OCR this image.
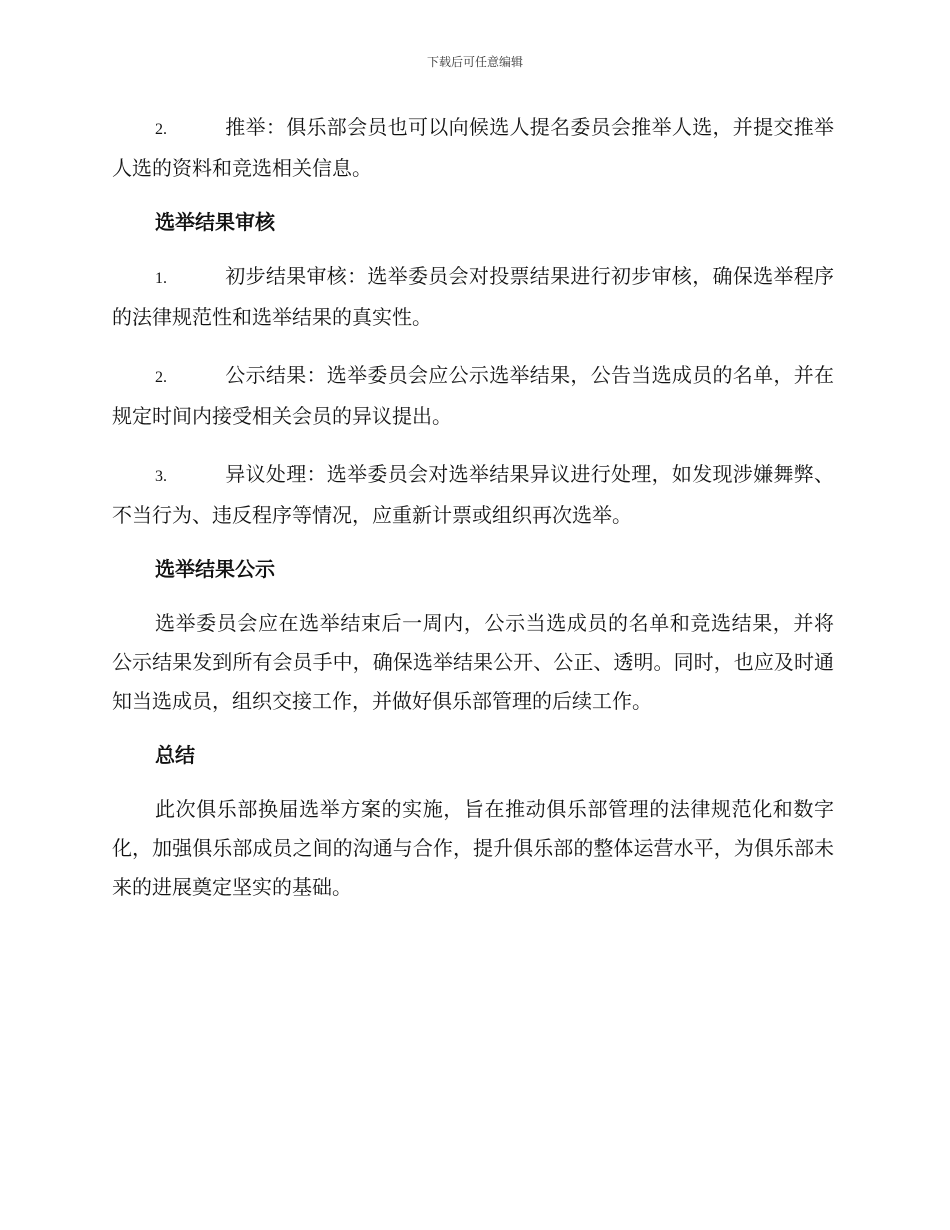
下载后可任意编辑

2.	推举：俱乐部会员也可以向候选人提名委员会推举人选，并提交推举人选的资料和竞选相关信息。

选举结果审核

1.	初步结果审核：选举委员会对投票结果进行初步审核，确保选举程序的法律规范性和选举结果的真实性。

2.	公示结果：选举委员会应公示选举结果，公告当选成员的名单，并在规定时间内接受相关会员的异议提出。

3.	异议处理：选举委员会对选举结果异议进行处理，如发现涉嫌舞弊、不当行为、违反程序等情况，应重新计票或组织再次选举。

选举结果公示

选举委员会应在选举结束后一周内，公示当选成员的名单和竞选结果，并将公示结果发到所有会员手中，确保选举结果公开、公正、透明。同时，也应及时通知当选成员，组织交接工作，并做好俱乐部管理的后续工作。

总结

此次俱乐部换届选举方案的实施，旨在推动俱乐部管理的法律规范化和数字化，加强俱乐部成员之间的沟通与合作，提升俱乐部的整体运营水平，为俱乐部未来的进展奠定坚实的基础。
